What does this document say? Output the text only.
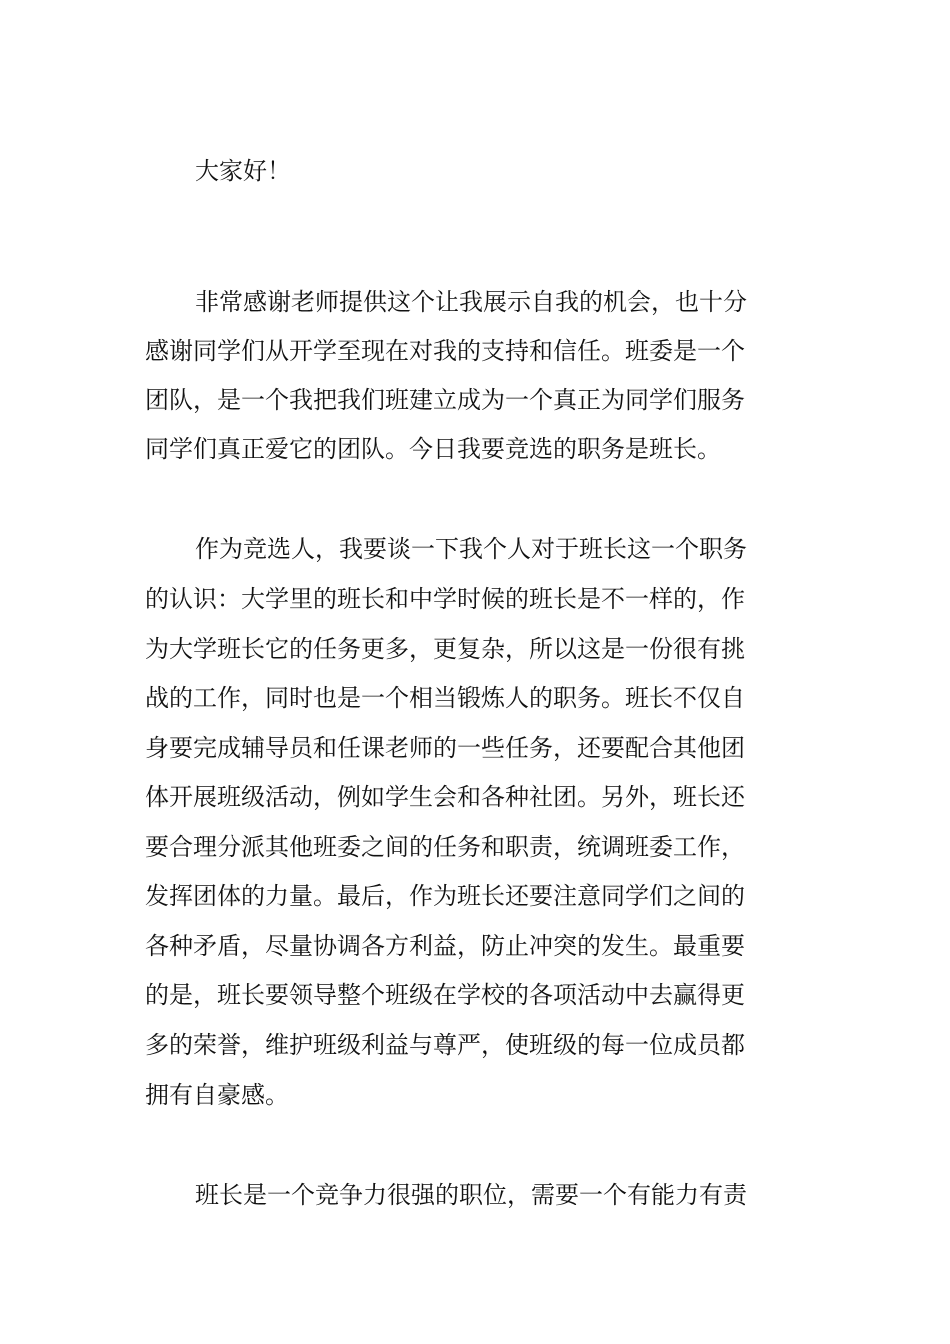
大家好！
非常感谢老师提供这个让我展示自我的机会，也十分
感谢同学们从开学至现在对我的支持和信任。班委是一个
团队，是一个我把我们班建立成为一个真正为同学们服务
同学们真正爱它的团队。今日我要竞选的职务是班长。
作为竞选人，我要谈一下我个人对于班长这一个职务
的认识：大学里的班长和中学时候的班长是不一样的，作
为大学班长它的任务更多，更复杂，所以这是一份很有挑
战的工作，同时也是一个相当锻炼人的职务。班长不仅自
身要完成辅导员和任课老师的一些任务，还要配合其他团
体开展班级活动，例如学生会和各种社团。另外，班长还
要合理分派其他班委之间的任务和职责，统调班委工作，
发挥团体的力量。最后，作为班长还要注意同学们之间的
各种矛盾，尽量协调各方利益，防止冲突的发生。最重要
的是，班长要领导整个班级在学校的各项活动中去赢得更
多的荣誉，维护班级利益与尊严，使班级的每一位成员都
拥有自豪感。
班长是一个竞争力很强的职位，需要一个有能力有责
